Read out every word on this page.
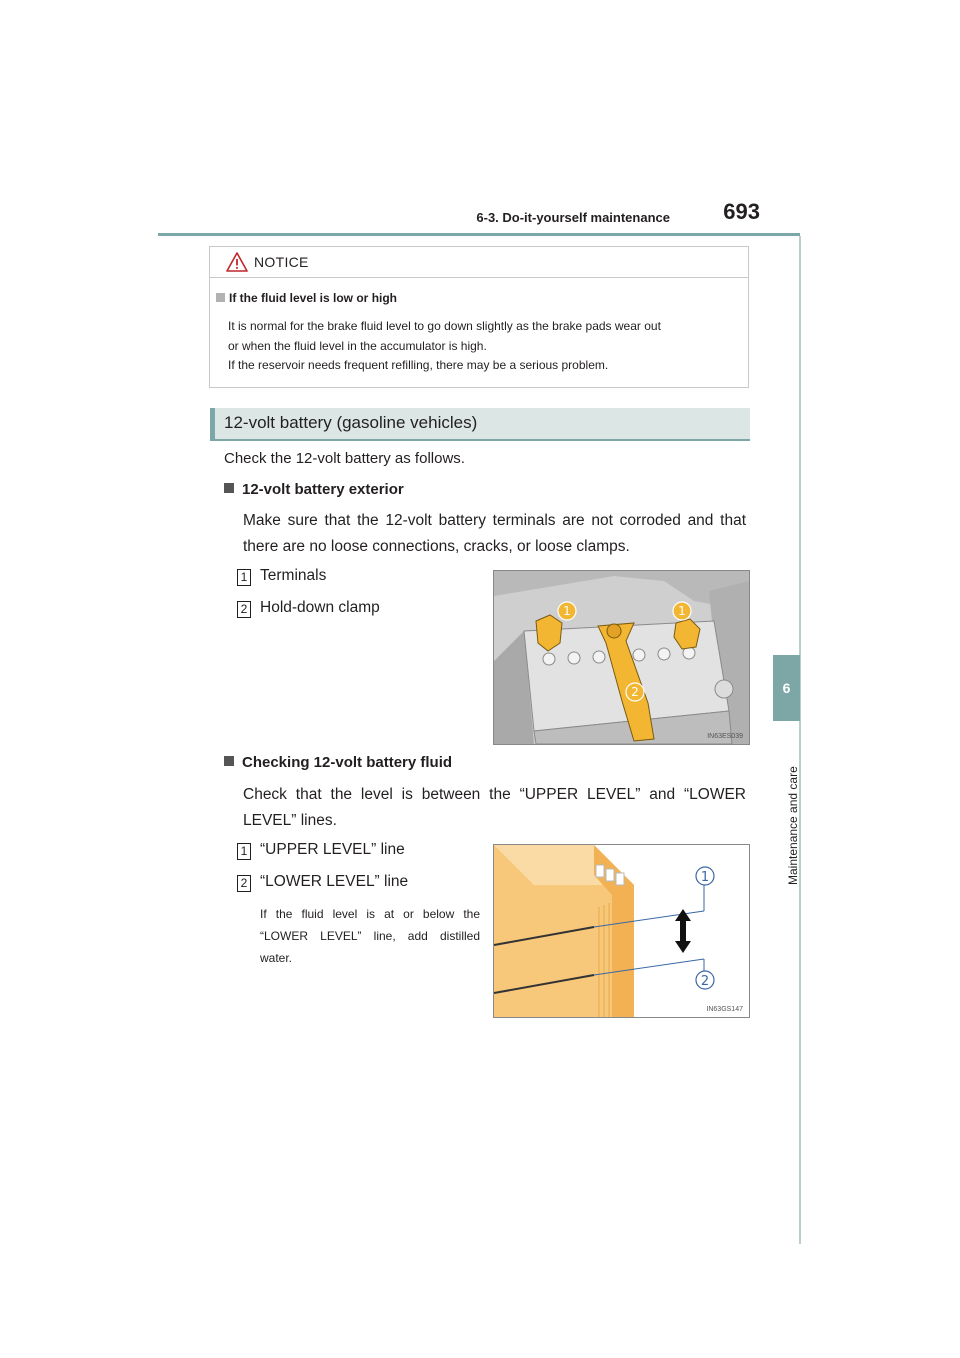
6-3. Do-it-yourself maintenance	693
6
Maintenance and care
NOTICE
If the fluid level is low or high

It is normal for the brake fluid level to go down slightly as the brake pads wear out

or when the fluid level in the accumulator is high.

If the reservoir needs frequent refilling, there may be a serious problem.

12-volt battery (gasoline vehicles)
Check the 12-volt battery as follows.
12-volt battery exterior
Make sure that the 12-volt battery terminals are not corroded and that there are no loose connections, cracks, or loose clamps.
1 Terminals
2 Hold-down clamp	1	1
2
IN63ES039
Checking 12-volt battery fluid
Check that the level is between the “UPPER LEVEL” and “LOWER LEVEL” lines.
1 “UPPER LEVEL” line
2 “LOWER LEVEL” line
If the fluid level is at or below the “LOWER LEVEL” line, add distilled water.
1
2
IN63GS147
